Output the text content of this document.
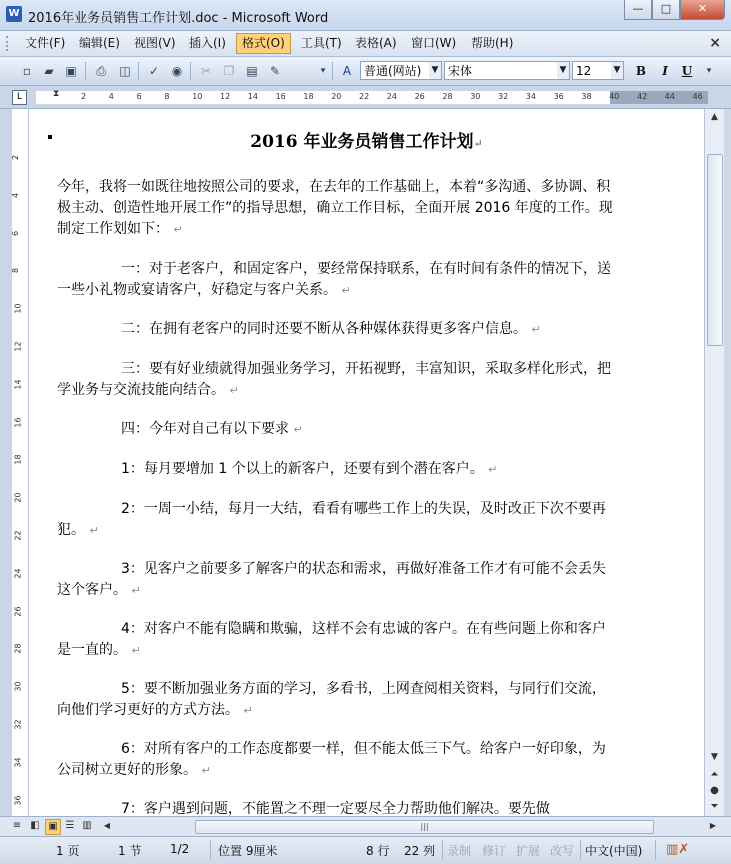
W 2016年业务员销售工作计划.doc - Microsoft Word
—	□	✕
文件(F)	编辑(E)	视图(V)	插入(I)	格式(O)	工具(T)	表格(A)	窗口(W)	帮助(H)	×
▫	▰ ▣	⎙	◫	✓	◉	✂	❐ ▤	✎	▾	A	普通(网站) ▼ 宋体	▼ 12 ▼	B	I	U	▾
L	2	4	6	8	10 12 14 16 18 20 22 24 26 28 30 32 34 36 38 40 42 44 46
⧗
2
4
6
8
10
12
14
16
18
20
22
24
26
28
30
32
34
36
2016 年业务员销售工作计划↵
今年，我将一如既往地按照公司的要求，在去年的工作基础上，本着“多沟通、多协调、积极主动、创造性地开展工作”的指导思想，确立工作目标，全面开展 2016 年度的工作。现制定工作划如下： ↵
一：对于老客户，和固定客户，要经常保持联系，在有时间有条件的情况下，送一些小礼物或宴请客户，好稳定与客户关系。 ↵
二：在拥有老客户的同时还要不断从各种媒体获得更多客户信息。 ↵
三：要有好业绩就得加强业务学习，开拓视野，丰富知识，采取多样化形式，把学业务与交流技能向结合。 ↵
四：今年对自己有以下要求 ↵
1：每月要增加 1 个以上的新客户，还要有到个潜在客户。 ↵
2：一周一小结，每月一大结，看看有哪些工作上的失误，及时改正下次不要再犯。 ↵
3：见客户之前要多了解客户的状态和需求，再做好准备工作才有可能不会丢失这个客户。 ↵
4：对客户不能有隐瞒和欺骗，这样不会有忠诚的客户。在有些问题上你和客户是一直的。 ↵
5：要不断加强业务方面的学习，多看书，上网查阅相关资料，与同行们交流，向他们学习更好的方式方法。 ↵
6：对所有客户的工作态度都要一样，但不能太低三下气。给客户一好印象，为公司树立更好的形象。 ↵
7：客户遇到问题，不能置之不理一定要尽全力帮助他们解决。要先做
▲
▼
⏶
●
⏷
≡ ◧ ▣ ☰ ▥	◀	|||	▶
1 页	1 节 1/2 位置 9厘米	8 行 22 列 录制 修订 扩展 改写 中文(中国) ▥✗
